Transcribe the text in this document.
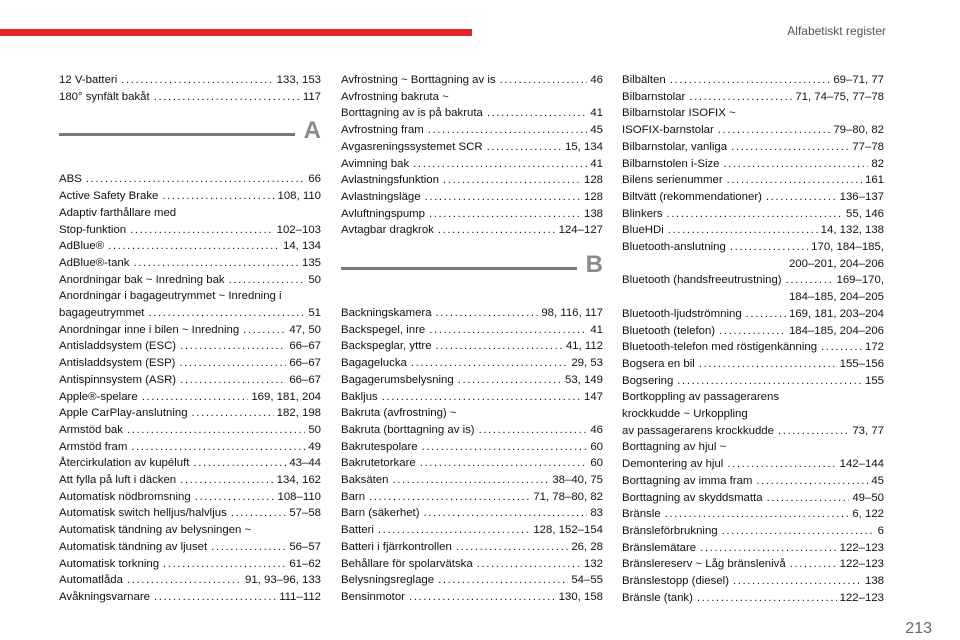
Alfabetiskt register
12 V-batteri .....	133, 153
180° synfält bakåt .....	117
A
ABS .....	66
Active Safety Brake .....	108, 110
Adaptiv farthållare med
Stop-funktion .....	102–103
AdBlue® .....	14, 134
AdBlue®-tank .....	135
Anordningar bak ~ Inredning bak .....	50
Anordningar i bagageutrymmet ~ Inredning i
bagageutrymmet .....	51
Anordningar inne i bilen ~ Inredning .....	47, 50
Antisladdsystem (ESC) .....	66–67
Antisladdsystem (ESP) .....	66–67
Antispinnsystem (ASR) .....	66–67
Apple®-spelare .....	169, 181, 204
Apple CarPlay-anslutning .....	182, 198
Armstöd bak .....	50
Armstöd fram .....	49
Återcirkulation av kupéluft .....	43–44
Att fylla på luft i däcken .....	134, 162
Automatisk nödbromsning .....	108–110
Automatisk switch helljus/halvljus .....	57–58
Automatisk tändning av belysningen ~
Automatisk tändning av ljuset .....	56–57
Automatisk torkning .....	61–62
Automatlåda .....	91, 93–96, 133
Avåkningsvarnare .....	111–112
Avfrostning ~ Borttagning av is .....	46
Avfrostning bakruta ~
Borttagning av is på bakruta .....	41
Avfrostning fram .....	45
Avgasreningssystemet SCR .....	15, 134
Avimning bak .....	41
Avlastningsfunktion .....	128
Avlastningsläge .....	128
Avluftningspump .....	138
Avtagbar dragkrok .....	124–127
B
Backningskamera .....	98, 116, 117
Backspegel, inre .....	41
Backspeglar, yttre .....	41, 112
Bagagelucka .....	29, 53
Bagagerumsbelysning .....	53, 149
Bakljus .....	147
Bakruta (avfrostning) ~
Bakruta (borttagning av is) .....	46
Bakrutespolare .....	60
Bakrutetorkare .....	60
Baksäten .....	38–40, 75
Barn .....	71, 78–80, 82
Barn (säkerhet) .....	83
Batteri .....	128, 152–154
Batteri i fjärrkontrollen .....	26, 28
Behållare för spolarvätska .....	132
Belysningsreglage .....	54–55
Bensinmotor .....	130, 158
Bilbälten .....	69–71, 77
Bilbarnstolar .....	71, 74–75, 77–78
Bilbarnstolar ISOFIX ~
ISOFIX-barnstolar .....	79–80, 82
Bilbarnstolar, vanliga .....	77–78
Bilbarnstolen i-Size .....	82
Bilens serienummer .....	161
Biltvätt (rekommendationer) .....	136–137
Blinkers .....	55, 146
BlueHDi .....	14, 132, 138
Bluetooth-anslutning .....	170, 184–185,
200–201, 204–206
Bluetooth (handsfreeutrustning) .....	169–170,
184–185, 204–205
Bluetooth-ljudströmning .....	169, 181, 203–204
Bluetooth (telefon) .....	184–185, 204–206
Bluetooth-telefon med röstigenkänning .....	172
Bogsera en bil .....	155–156
Bogsering .....	155
Bortkoppling av passagerarens
krockkudde ~ Urkoppling
av passagerarens krockkudde .....	73, 77
Borttagning av hjul ~
Demontering av hjul .....	142–144
Borttagning av imma fram .....	45
Borttagning av skyddsmatta .....	49–50
Bränsle .....	6, 122
Bränsleförbrukning .....	6
Bränslemätare .....	122–123
Bränslereserv ~ Låg bränslenivå .....	122–123
Bränslestopp (diesel) .....	138
Bränsle (tank) .....	122–123
213
